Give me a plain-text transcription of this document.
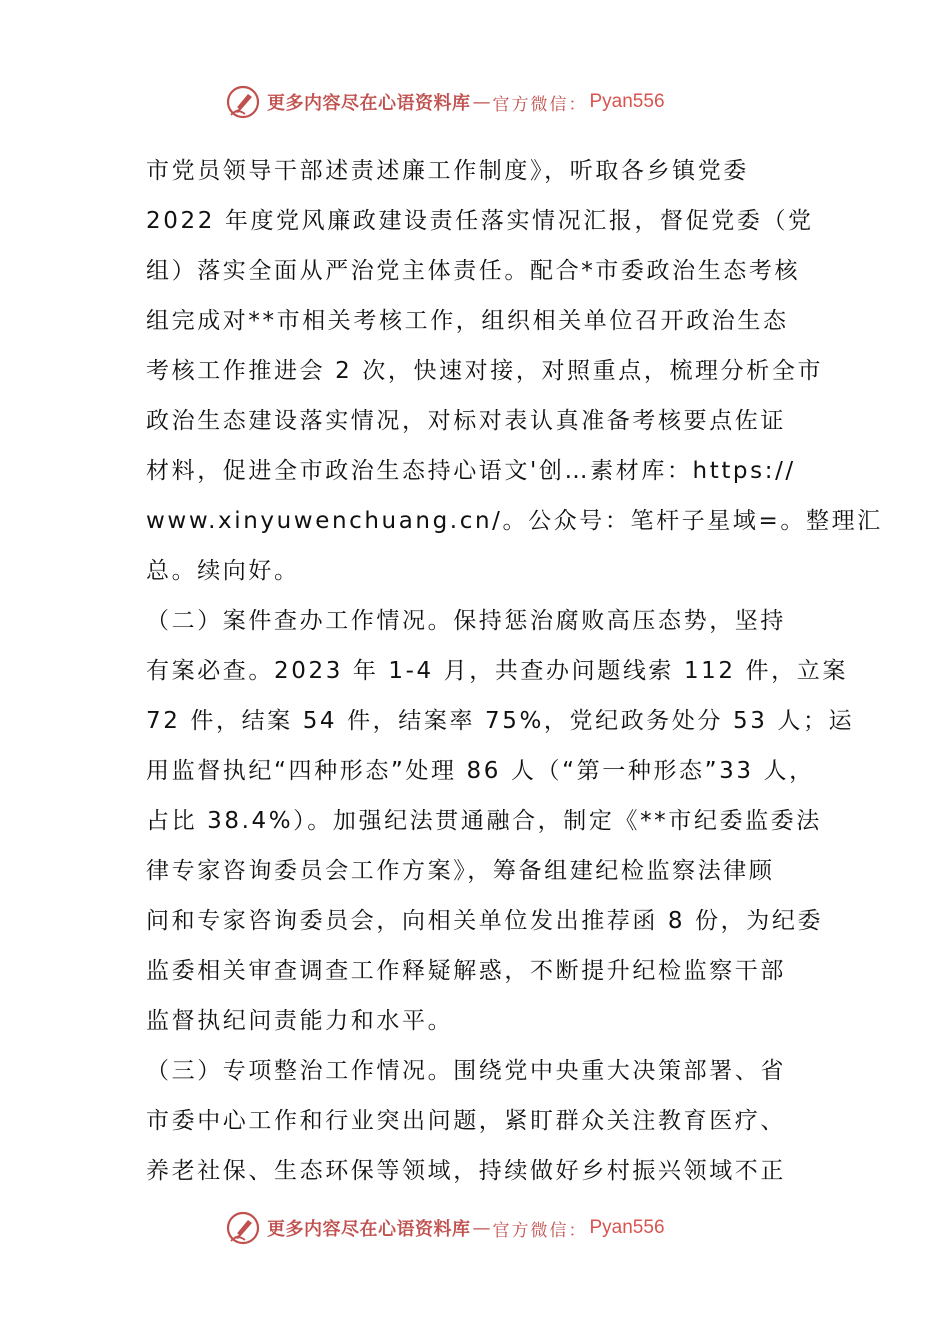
更多内容尽在心语资料库 — 官方微信： Pyan556
市党员领导干部述责述廉工作制度》，听取各乡镇党委
2022 年度党风廉政建设责任落实情况汇报，督促党委（党
组）落实全面从严治党主体责任。配合*市委政治生态考核
组完成对**市相关考核工作，组织相关单位召开政治生态
考核工作推进会 2 次，快速对接，对照重点，梳理分析全市
政治生态建设落实情况，对标对表认真准备考核要点佐证
材料，促进全市政治生态持心语文'创…素材库：https://
www.xinyuwenchuang.cn/。公众号：笔杆子星域=。整理汇
总。续向好。
（二）案件查办工作情况。保持惩治腐败高压态势，坚持
有案必查。2023 年 1-4 月，共查办问题线索 112 件，立案
72 件，结案 54 件，结案率 75%，党纪政务处分 53 人；运
用监督执纪“四种形态”处理 86 人（“第一种形态”33 人，
占比 38.4%）。加强纪法贯通融合，制定《**市纪委监委法
律专家咨询委员会工作方案》，筹备组建纪检监察法律顾
问和专家咨询委员会，向相关单位发出推荐函 8 份，为纪委
监委相关审查调查工作释疑解惑，不断提升纪检监察干部
监督执纪问责能力和水平。
（三）专项整治工作情况。围绕党中央重大决策部署、省
市委中心工作和行业突出问题，紧盯群众关注教育医疗、
养老社保、生态环保等领域，持续做好乡村振兴领域不正
更多内容尽在心语资料库 — 官方微信： Pyan556
